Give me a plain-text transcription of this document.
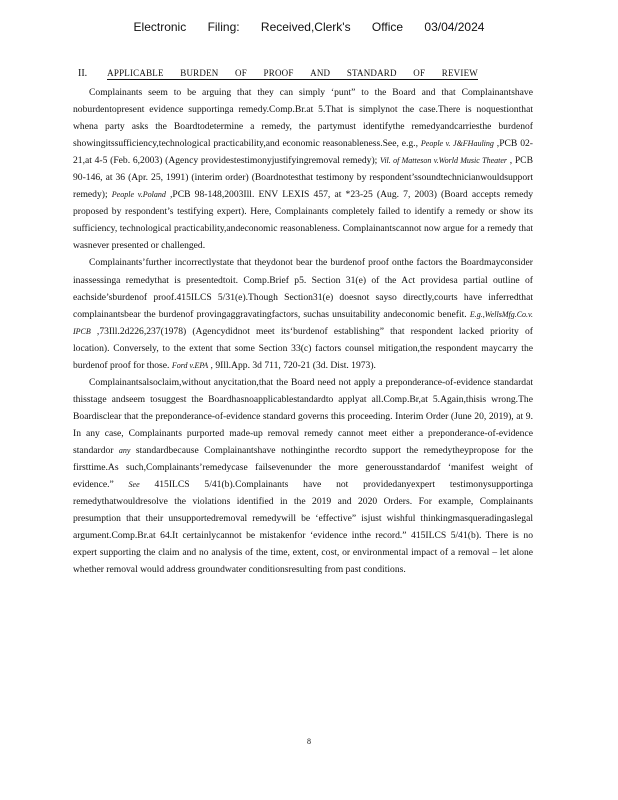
Electronic Filing: Received,Clerk's Office 03/04/2024
II. APPLICABLE BURDEN OF PROOF AND STANDARD OF REVIEW

Complainants seem to be arguing that they can simply ‘punt” to the Board and that Complainantshave noburdentopresent evidence supportinga remedy.Comp.Br.at 5.That is simplynot the case.There is noquestionthat whena party asks the Boardtodetermine a remedy, the partymust identifythe remedyandcarriesthe burdenof showingitssufficiency,technological practicability,and economic reasonableness.See, e.g., People v. J&FHauling ,PCB 02-21,at 4-5 (Feb. 6,2003) (Agency providestestimonyjustifyingremoval remedy); Vil. of Matteson v.World Music Theater , PCB 90-146, at 36 (Apr. 25, 1991) (interim order) (Boardnotesthat testimony by respondent’ssoundtechnicianwouldsupport remedy); People v.Poland ,PCB 98-148,2003Ill. ENV LEXIS 457, at *23-25 (Aug. 7, 2003) (Board accepts remedy proposed by respondent’s testifying expert). Here, Complainants completely failed to identify a remedy or show its sufficiency, technological practicability,andeconomic reasonableness. Complainantscannot now argue for a remedy that wasnever presented or challenged.

Complainants’further incorrectlystate that theydonot bear the burdenof proof onthe factors the Boardmayconsider inassessinga remedythat is presentedtoit. Comp.Brief p5. Section 31(e) of the Act providesa partial outline of eachside’sburdenof proof.415ILCS 5/31(e).Though Section31(e) doesnot sayso directly,courts have inferredthat complainantsbear the burdenof provingaggravatingfactors, suchas unsuitability andeconomic benefit. E.g.,WellsMfg.Co.v. IPCB ,73Ill.2d226,237(1978) (Agencydidnot meet its‘burdenof establishing” that respondent lacked priority of location). Conversely, to the extent that some Section 33(c) factors counsel mitigation,the respondent maycarry the burdenof proof for those. Ford v.EPA , 9Ill.App. 3d 711, 720-21 (3d. Dist. 1973).

Complainantsalsoclaim,without anycitation,that the Board need not apply a preponderance-of-evidence standardat thisstage andseem tosuggest the Boardhasnoapplicablestandardto applyat all.Comp.Br,at 5.Again,thisis wrong.The Boardisclear that the preponderance-of-evidence standard governs this proceeding. Interim Order (June 20, 2019), at 9. In any case, Complainants purported made-up removal remedy cannot meet either a preponderance-of-evidence standardor any standardbecause Complainantshave nothinginthe recordto support the remedytheypropose for the firsttime.As such,Complainants’remedycase failsevenunder the more generousstandardof ‘manifest weight of evidence.” See 415ILCS 5/41(b).Complainants have not providedanyexpert testimonysupportinga remedythatwouldresolve the violations identified in the 2019 and 2020 Orders. For example, Complainants presumption that their unsupportedremoval remedywill be ‘effective” isjust wishful thinkingmasqueradingaslegal argument.Comp.Br.at 64.It certainlycannot be mistakenfor ‘evidence inthe record.” 415ILCS 5/41(b). There is no expert supporting the claim and no analysis of the time, extent, cost, or environmental impact of a removal – let alone whether removal would address groundwater conditionsresulting from past conditions.

8
